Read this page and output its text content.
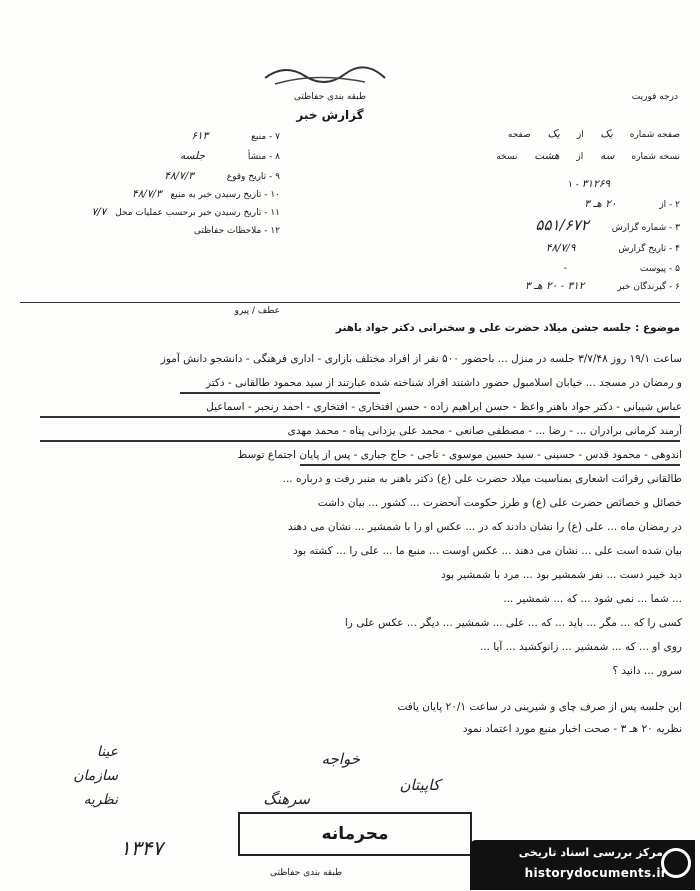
طبقه بندی حفاظتی	درجه فوریت
گزارش خبر
صفحه شماره یک از یک صفحه
نسخه شماره سه از هشت نسخه
۱ - ۳۱۲۶۹
۲ - از ۲۰ هـ ۳
۳ - شماره گزارش ۵۵۱/۶۷۲
۴ - تاریخ گزارش ۴۸/۷/۹
۵ - پیوست -
۶ - گیرندگان خبر ۳۱۲ - ۲۰ هـ ۳
۷ - منبع ۶۱۳
۸ - منشأ جلسه
۹ - تاریخ وقوع ۴۸/۷/۳
۱۰ - تاریخ رسیدن خبر به منبع ۴۸/۷/۳
۱۱ - تاریخ رسیدن خبر برحسب عملیات محل ۷/۷
۱۲ - ملاحظات حفاظتی
عطف / پیرو
موضوع : جلسه جشن میلاد حضرت علی و سخنرانی دکتر جواد باهنر
ساعت ۱۹/۱ روز ۳/۷/۴۸ جلسه در منزل ... باحضور ۵۰۰ نفر از افراد مختلف بازاری - اداری فرهنگی - دانشجو دانش آموز
و رمضان در مسجد ... خیابان اسلامبول حضور داشتند افراد شناخته شده عبارتند از سید محمود طالقانی - دکتر
عباس شیبانی - دکتر جواد باهنر واعظ - حسن ابراهیم زاده - حسن افتخاری - افتخاری - احمد رنجبر - اسماعیل
آرمند کرمانی برادران ... - رضا ... - مصطفی صانعی - محمد علی یزدانی پناه - محمد مهدی
اندوهی - محمود قدس - حسینی - سید حسین موسوی - تاجی - حاج جباری - پس از پایان اجتماع توسط
طالقانی رقرائت اشعاری بمناسبت میلاد حضرت علی (ع) دکتر باهنر به منبر رفت و درباره ...
خصائل و خصائص حضرت علی (ع) و طرز حکومت آنحضرت ... کشور ... بیان داشت
در رمضان ماه ... علی (ع) را نشان دادند که در ... عکس او را با شمشیر ... نشان می دهند
بیان شده است علی ... نشان می دهند ... عکس اوست ... منبع ما ... علی را ... کشته بود
دید خیبر دست ... نفر شمشیر بود ... مرد با شمشیر بود
... شما ... نمی شود ... که ... شمشیر ...
کسی را که ... مگر ... باید ... که ... علی ... شمشیر ... دیگر ... عکس علی را
روی او ... که ... شمشیر ... زانوکشید ... آیا ...
سرور ... دانید ؟
این جلسه پس از صرف چای و شیرینی در ساعت ۲۰/۱ پایان یافت
نظریه ۲۰ هـ ۳ - صحت اخبار منبع مورد اعتماد نمود
عینا
سازمان
نظریه
خواجه
کاپیتان
سرهنگ
محرمانه
۱۳۴۷
طبقه بندی حفاظتی
مرکز بررسی اسناد تاریخی
historydocuments.ir
